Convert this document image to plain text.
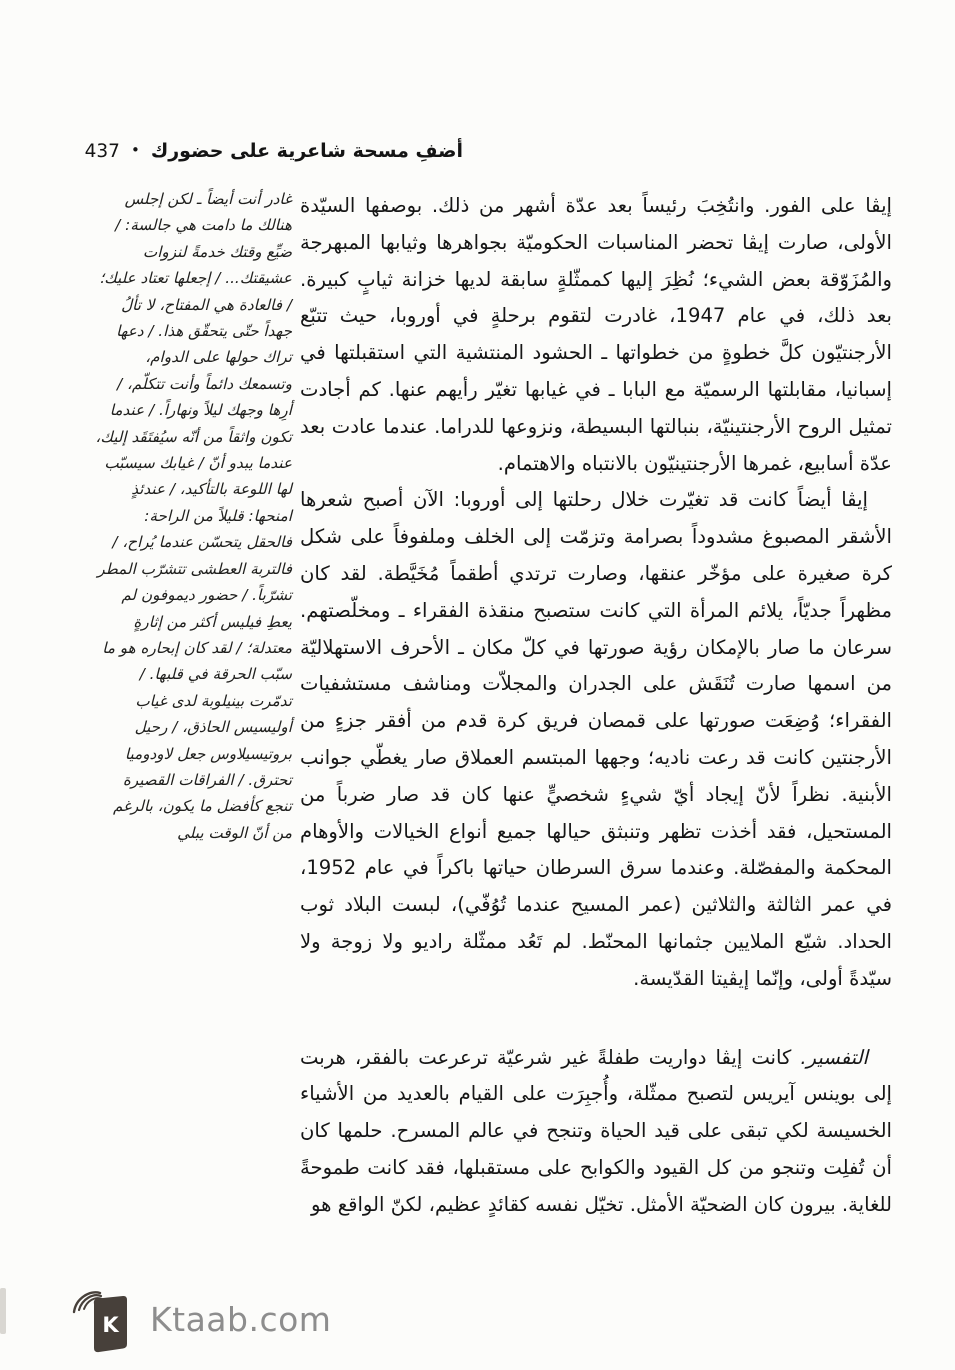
أضفِ مسحة شاعرية على حضورك•437
غادر أنت أيضاً ـ لكن إجلس هنالك ما دامت هي جالسة: / ضيِّع وقتك خدمةً لنزوات عشيقتك... / إجعلها تعتاد عليك؛ / فالعادة هي المفتاح، لا تألُ جهداً حتّى يتحقّق هذا. / دعها تراك حولها على الدوام، وتسمعك دائماً وأنت تتكلّم، / أرِها وجهك ليلاً ونهاراً. / عندما تكون واثقاً من أنّه سيُفتَقَد إليك، عندما يبدو أنّ / غيابك سيسبّب لها اللوعة بالتأكيد، / عندئذٍ امنحها: قليلاً من الراحة: فالحقل يتحسّن عندما يُراح، / فالتربة العطشى تتشرّب المطر تشرّباً. / حضور ديموفون لم يعطِ فيليس أكثر من إثارةٍ معتدلة؛ / لقد كان إبحاره هو ما سبّب الحرقة في قلبها. / تدمّرت بينيلوبة لدى غياب أوليسيس الحاذق، / رحيل بروتيسيلاوس جعل لاودوميا تحترق. / الفراقات القصيرة تنجع كأفضل ما يكون، بالرغم من أنّ الوقت يبلي

إيڤا على الفور. وانتُخِبَ رئيساً بعد عدّة أشهر من ذلك. بوصفها السيّدة الأولى، صارت إيڤا تحضر المناسبات الحكوميّة بجواهرها وثيابها المبهرجة والمُزَوّقة بعض الشيء؛ نُظِرَ إليها كممثّلةٍ سابقة لديها خزانة ثيابٍ كبيرة. بعد ذلك، في عام 1947، غادرت لتقوم برحلةٍ في أوروبا، حيث تتبّع الأرجنتيّون كلَّ خطوةٍ من خطواتها ـ الحشود المنتشية التي استقبلتها في إسبانيا، مقابلتها الرسميّة مع البابا ـ في غيابها تغيّر رأيهم عنها. كم أجادت تمثيل الروح الأرجنتينيّة، بنبالتها البسيطة، ونزوعها للدراما. عندما عادت بعد عدّة أسابيع، غمرها الأرجنتينيّون بالانتباه والاهتمام.

إيڤا أيضاً كانت قد تغيّرت خلال رحلتها إلى أوروبا: الآن أصبح شعرها الأشقر المصبوغ مشدوداً بصرامة وتزمّت إلى الخلف وملفوفاً على شكل كرة صغيرة على مؤخّر عنقها، وصارت ترتدي أطقماً مُخَيَّطة. لقد كان مظهراً جديّاً، يلائم المرأة التي كانت ستصبح منقذة الفقراء ـ ومخلّصتهم. سرعان ما صار بالإمكان رؤية صورتها في كلّ مكان ـ الأحرف الاستهلاليّة من اسمها صارت تُنَقَش على الجدران والمجلاّت ومناشف مستشفيات الفقراء؛ وُضِعَت صورتها على قمصان فريق كرة قدم من أفقر جزءٍ من الأرجنتين كانت قد رعت ناديه؛ وجهها المبتسم العملاق صار يغطّي جوانب الأبنية. نظراً لأنّ إيجاد أيّ شيءٍ شخصيٍّ عنها كان قد صار ضرباً من المستحيل، فقد أخذت تظهر وتنبثق حيالها جميع أنواع الخيالات والأوهام المحكمة والمفصّلة. وعندما سرق السرطان حياتها باكراً في عام 1952، في عمر الثالثة والثلاثين (عمر المسيح عندما تُوُفّي)، لبست البلاد ثوب الحداد. شيّع الملايين جثمانها المحنّط. لم تَعُد ممثّلة راديو ولا زوجة ولا سيّدةً أولى، وإنّما إيڤيتا القدّيسة.

التفسير. كانت إيڤا دواريت طفلةً غير شرعيّة ترعرعت بالفقر، هربت إلى بوينس آيريس لتصبح ممثّلة، وأُجبِرَت على القيام بالعديد من الأشياء الخسيسة لكي تبقى على قيد الحياة وتنجح في عالم المسرح. حلمها كان أن تُفلِت وتنجو من كل القيود والكوابح على مستقبلها، فقد كانت طموحةً للغاية. بيرون كان الضحيّة الأمثل. تخيّل نفسه كقائدٍ عظيم، لكنّ الواقع هو

K Ktaab.com
